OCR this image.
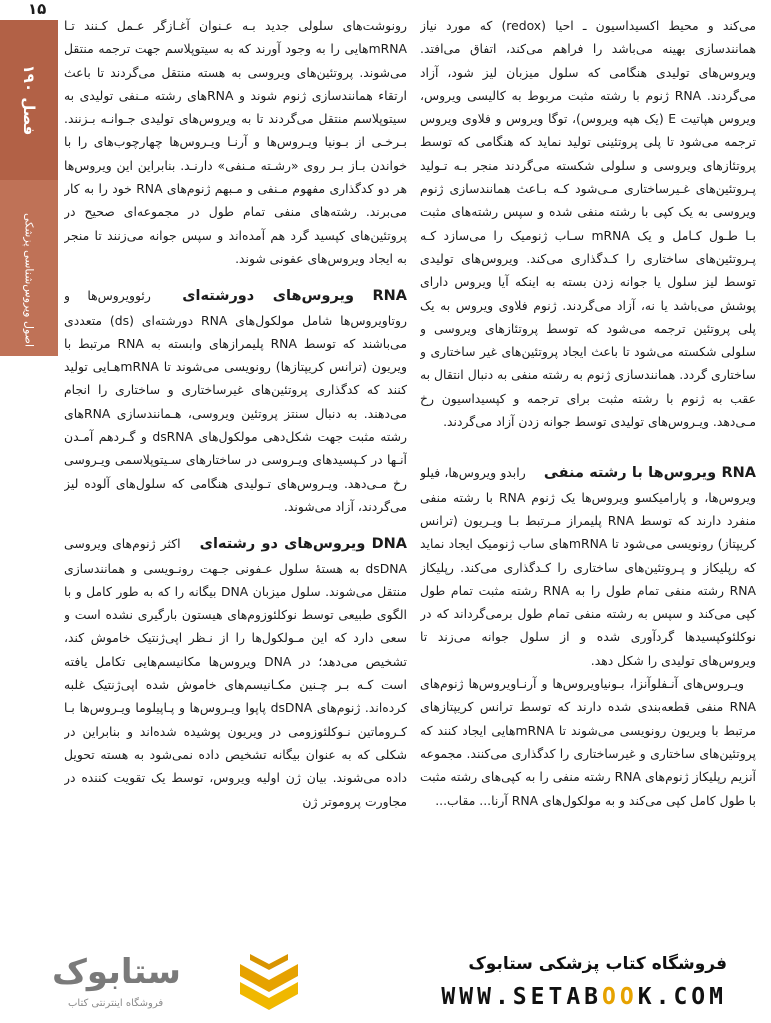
۱۵
فصل ۱۹۰
اصول ویروس‌شناسی پزشکی

می‌کند و محیط اکسیداسیون ـ احیا (redox) که مورد نیاز همانندسازی بهینه می‌باشد را فراهم می‌کند، اتفاق می‌افتد. ویروس‌های تولیدی هنگامی که سلول میزبان لیز شود، آزاد می‌گردند. RNA ژنوم با رشته مثبت مربوط به کالیسی ویروس، ویروس هپاتیت E (یک هپه ویروس)، توگا ویروس و فلاوی ویروس ترجمه می‌شود تا پلی پروتئینی تولید نماید که هنگامی که توسط پروتئازهای ویروسی و سلولی شکسته می‌گردند منجر بـه تـولید پـروتئین‌های غـیرساختاری مـی‌شود کـه بـاعث همانندسازی ژنوم ویروسی به یک کپی با رشته منفی شده و سپس رشته‌های مثبت بـا طـول کـامل و یک mRNA سـاب ژنومیک را می‌سازد کـه پـروتئین‌های ساختاری را کـدگذاری می‌کند. ویروس‌های تولیدی توسط لیز سلول یا جوانه زدن بسته به اینکه آیا ویروس دارای پوشش می‌باشد یا نه، آزاد می‌گردند. ژنوم فلاوی ویروس به یک پلی پروتئین ترجمه می‌شود که توسط پروتئازهای ویروسی و سلولی شکسته می‌شود تا باعث ایجاد پروتئین‌های غیر ساختاری و ساختاری گردد. همانندسازی ژنوم به رشته منفی به دنبال انتقال به عقب به ژنوم با رشته مثبت برای ترجمه و کپسیداسیون رخ مـی‌دهد. ویـروس‌های تولیدی توسط جوانه زدن آزاد می‌گردند.

RNA ویروس‌ها با رشته منفی رابدو ویروس‌ها، فیلو ویروس‌ها، و پارامیکسو ویروس‌ها یک ژنوم RNA با رشته منفی منفرد دارند که توسط RNA پلیمراز مـرتبط بـا ویـریون (ترانس کریپتاز) رونویسی می‌شود تا mRNAهای ساب ژنومیک ایجاد نماید که رپلیکاز و پـروتئین‌های ساختاری را کـدگذاری می‌کند. رپلیکاز RNA رشته منفی تمام طول را به RNA رشته مثبت تمام طول کپی می‌کند و سپس به رشته منفی تمام طول برمی‌گرداند که در نوکلئوکپسیدها گردآوری شده و از سلول جوانه می‌زند تا ویروس‌های تولیدی را شکل دهد.

ویـروس‌های آنـفلوآنزا، بـونیاویروس‌ها و آرنـاویروس‌ها ژنوم‌های RNA منفی قطعه‌بندی شده دارند که توسط ترانس کریپتازهای مرتبط با ویریون رونویسی می‌شوند تا mRNAهایی ایجاد کنند که پروتئین‌های ساختاری و غیرساختاری را کدگذاری می‌کنند. مجموعه آنزیم رپلیکاز ژنوم‌های RNA رشته منفی را به کپی‌های رشته مثبت با طول کامل کپی می‌کند و به مولکول‌های RNA آرنا... مقاب...

رونوشت‌های سلولی جدید بـه عـنوان آغـازگر عـمل کـنند تـا mRNAهایی را به وجود آورند که به سیتوپلاسم جهت ترجمه منتقل می‌شوند. پروتئین‌های ویروسی به هسته منتقل می‌گردند تا باعث ارتقاء همانندسازی ژنوم شوند و RNAهای رشته مـنفی تولیدی به سیتوپلاسم منتقل می‌گردند تا به ویروس‌های تولیدی جـوانـه بـزنند. بـرخـی از بـونیا ویـروس‌ها و آرنـا ویـروس‌ها چهارچوب‌های را با خواندن بـاز بـر روی «رشـته مـنفی» دارنـد. بنابراین این ویروس‌ها هر دو کدگذاری مفهوم مـنفی و مـبهم ژنوم‌های RNA خود را به کار می‌برند. رشته‌های منفی تمام طول در مجموعه‌ای صحیح در پروتئین‌های کپسید گرد هم آمده‌اند و سپس جوانه می‌زنند تا منجر به ایجاد ویروس‌های عفونی شوند.

RNA ویروس‌های دورشته‌ای رئوویروس‌ها و روتاویروس‌ها شامل مولکول‌های RNA دورشته‌ای (ds) متعددی می‌باشند که توسط RNA پلیمرازهای وابسته به RNA مرتبط با ویریون (ترانس کریپتازها) رونویسی می‌شوند تا mRNAهـایی تولید کنند که کدگذاری پروتئین‌های غیرساختاری و ساختاری را انجام می‌دهند. به دنبال سنتز پروتئین ویروسی، هـمانندسازی RNAهای رشته مثبت جهت شکل‌دهی مولکول‌های dsRNA و گـردهم آمـدن آنـها در کـپسیدهای ویـروسی در ساختارهای سـیتوپلاسمی ویـروسی رخ مـی‌دهد. ویـروس‌های تـولیدی هنگامی که سلول‌های آلوده لیز می‌گردند، آزاد می‌شوند.

DNA ویروس‌های دو رشته‌ای اکثر ژنوم‌های ویروسی dsDNA به هستهٔ سلول عـفونی جـهت رونـویسی و همانندسازی منتقل می‌شوند. سلول میزبان DNA بیگانه را که به طور کامل و با الگوی طبیعی توسط نوکلئوزوم‌های هیستون بارگیری نشده است و سعی دارد که این مـولکول‌ها را از نـظر اپی‌ژنتیک خاموش کند، تشخیص می‌دهد؛ در DNA ویروس‌ها مکانیسم‌هایی تکامل یافته است کـه بـر چـنین مکـانیسم‌های خاموش شده اپی‌ژنتیک غلبه کرده‌اند. ژنوم‌های dsDNA پاپوا ویـروس‌ها و پـاپیلوما ویـروس‌ها بـا کـروماتین نـوکلئوزومی در ویریون پوشیده شده‌اند و بنابراین در شکلی که به عنوان بیگانه تشخیص داده نمی‌شود به هسته تحویل داده می‌شوند. بیان ژن اولیه ویروس، توسط یک تقویت کننده در مجاورت پروموتر ژن

فروشگاه کتاب پزشکی ستابوک
WWW.SETABOOK.COM
ستابوک
فروشگاه اینترنتی کتاب
